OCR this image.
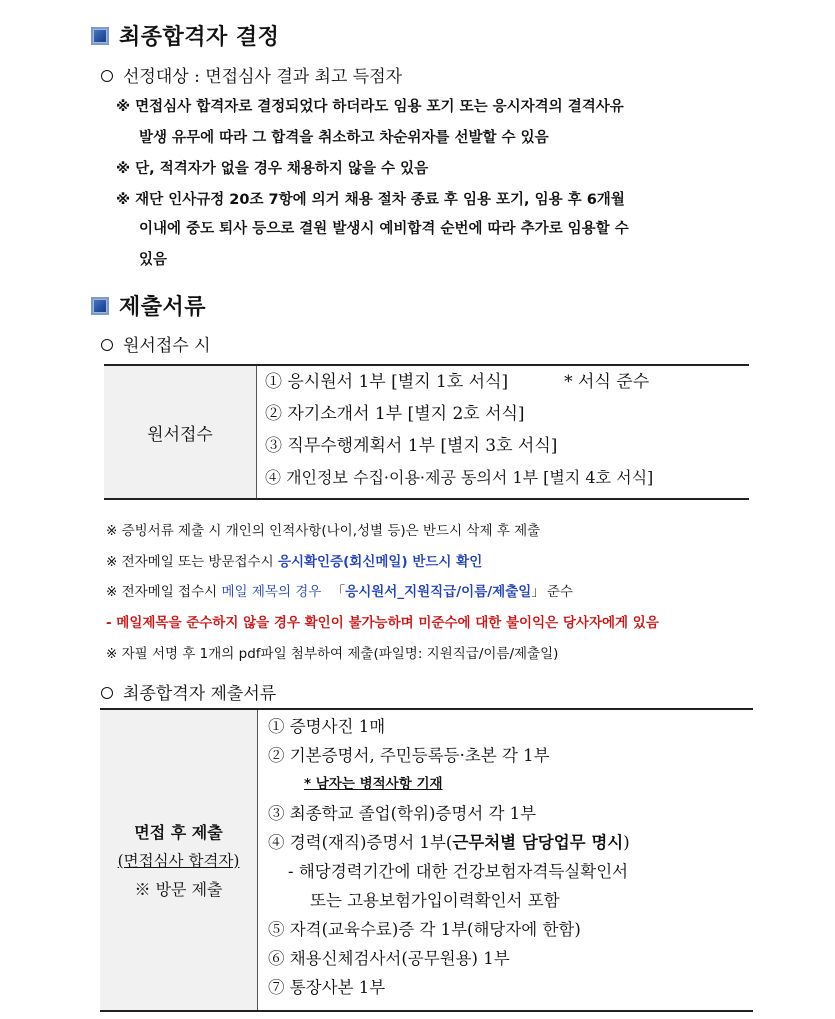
최종합격자 결정
선정대상 : 면접심사 결과 최고 득점자
※ 면접심사 합격자로 결정되었다 하더라도 임용 포기 또는 응시자격의 결격사유
발생 유무에 따라 그 합격을 취소하고 차순위자를 선발할 수 있음
※ 단, 적격자가 없을 경우 채용하지 않을 수 있음
※ 재단 인사규정 20조 7항에 의거 채용 절차 종료 후 임용 포기, 임용 후 6개월
이내에 중도 퇴사 등으로 결원 발생시 예비합격 순번에 따라 추가로 임용할 수
있음
제출서류
원서접수 시
원서접수	
① 응시원서 1부 [별지 1호 서식]	* 서식 준수
② 자기소개서 1부 [별지 2호 서식]
③ 직무수행계획서 1부 [별지 3호 서식]
④ 개인정보 수집·이용·제공 동의서 1부 [별지 4호 서식]
※ 증빙서류 제출 시 개인의 인적사항(나이,성별 등)은 반드시 삭제 후 제출
※ 전자메일 또는 방문접수시 응시확인증(회신메일) 반드시 확인
※ 전자메일 접수시 메일 제목의 경우 「응시원서_지원직급/이름/제출일」 준수
- 메일제목을 준수하지 않을 경우 확인이 불가능하며 미준수에 대한 불이익은 당사자에게 있음
※ 자필 서명 후 1개의 pdf파일 첨부하여 제출(파일명: 지원직급/이름/제출일)
최종합격자 제출서류
면접 후 제출
(면접심사 합격자)
※ 방문 제출

① 증명사진 1매
② 기본증명서, 주민등록등·초본 각 1부
* 남자는 병적사항 기재
③ 최종학교 졸업(학위)증명서 각 1부
④ 경력(재직)증명서 1부(근무처별 담당업무 명시)
- 해당경력기간에 대한 건강보험자격득실확인서
또는 고용보험가입이력확인서 포함
⑤ 자격(교육수료)증 각 1부(해당자에 한함)
⑥ 채용신체검사서(공무원용) 1부
⑦ 통장사본 1부
